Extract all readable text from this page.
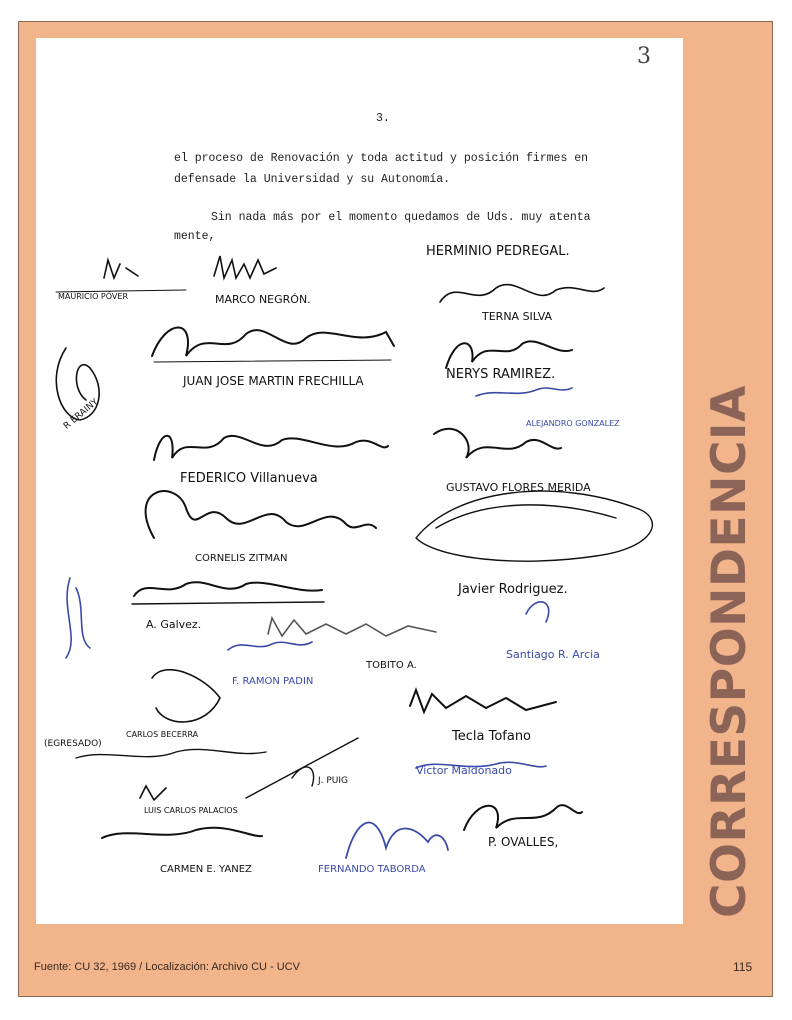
3
3.
el proceso de Renovación y toda actitud y posición firmes en
defensade la Universidad y su Autonomía.
Sin nada más por el momento quedamos de Uds. muy atenta
mente,
HERMINIO PEDREGAL.
MAURICIO PÓVER	MARCO NEGRÓN.
TERNA SILVA
JUAN JOSE MARTIN FRECHILLA	NERYS RAMIREZ.
R ERAINY.	ALEJANDRO GONZALEZ
FEDERICO Villanueva
GUSTAVO FLORES MERIDA
CORNELIS ZITMAN
Javier Rodriguez.
A. Galvez.
TOBITO A.
Santiago R. Arcia
F. RAMON PADIN
Tecla Tofano
CARLOS BECERRA
(EGRESADO)
J. PUIG
Victor Maldonado
LUIS CARLOS PALACIOS
P. OVALLES,
CARMEN E. YANEZ	FERNANDO TABORDA	CORRESPONDENCIA
Fuente: CU 32, 1969 / Localización: Archivo CU - UCV	115
